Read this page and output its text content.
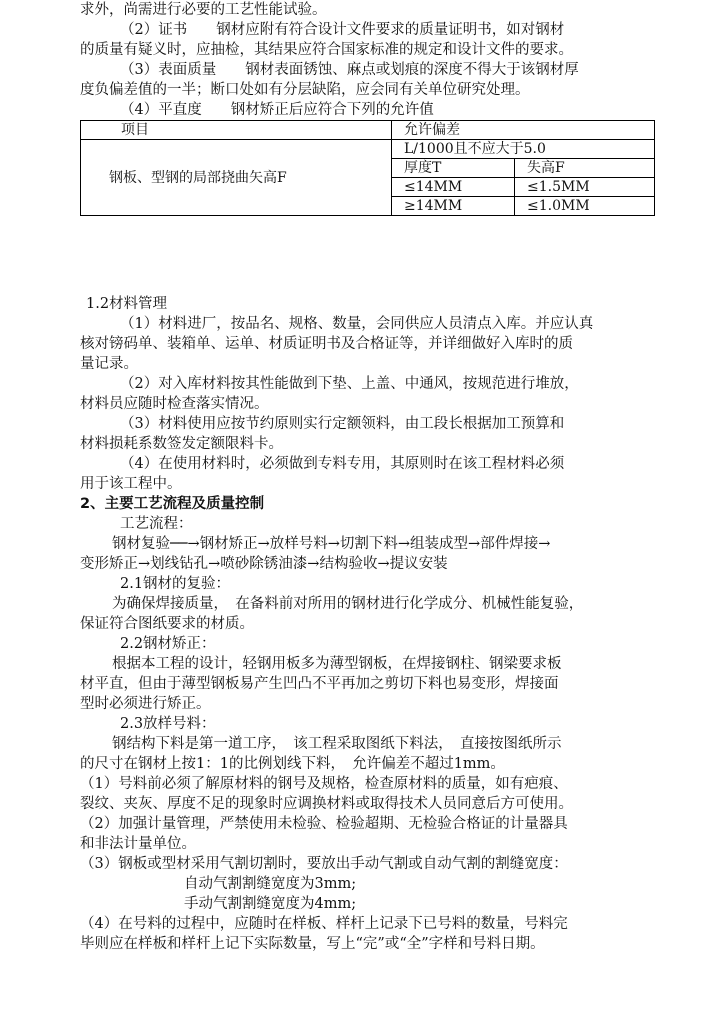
求外，尚需进行必要的工艺性能试验。
（2）证书　　钢材应附有符合设计文件要求的质量证明书，如对钢材
的质量有疑义时，应抽检，其结果应符合国家标准的规定和设计文件的要求。
（3）表面质量　　钢材表面锈蚀、麻点或划痕的深度不得大于该钢材厚
度负偏差值的一半；断口处如有分层缺陷，应会同有关单位研究处理。
（4）平直度　　钢材矫正后应符合下列的允许值
项目	允许偏差	
钢板、型钢的局部挠曲矢高F	L/1000且不应大于5.0	
	厚度T	失高F
	≤14MM	≤1.5MM
	≥14MM	≤1.0MM
1.2材料管理
（1）材料进厂，按品名、规格、数量，会同供应人员清点入库。并应认真
核对镑码单、装箱单、运单、材质证明书及合格证等，并详细做好入库时的质
量记录。
（2）对入库材料按其性能做到下垫、上盖、中通风，按规范进行堆放，
材料员应随时检查落实情况。
（3）材料使用应按节约原则实行定额领料，由工段长根据加工预算和
材料损耗系数签发定额限料卡。
（4）在使用材料时，必须做到专料专用，其原则时在该工程材料必须
用于该工程中。
2、主要工艺流程及质量控制
工艺流程：
钢材复验──→钢材矫正→放样号料→切割下料→组装成型→部件焊接→
变形矫正→划线钻孔→喷砂除锈油漆→结构验收→提议安装
2.1钢材的复验：
为确保焊接质量，　在备料前对所用的钢材进行化学成分、机械性能复验，
保证符合图纸要求的材质。
2.2钢材矫正：
根据本工程的设计，轻钢用板多为薄型钢板，在焊接钢柱、钢梁要求板
材平直，但由于薄型钢板易产生凹凸不平再加之剪切下料也易变形，焊接面
型时必须进行矫正。
2.3放样号料：
钢结构下料是第一道工序，　该工程采取图纸下料法，　直接按图纸所示
的尺寸在钢材上按1：1的比例划线下料，　允许偏差不超过1mm。
（1）号料前必须了解原材料的钢号及规格，检查原材料的质量，如有疤痕、
裂纹、夹灰、厚度不足的现象时应调换材料或取得技术人员同意后方可使用。
（2）加强计量管理，严禁使用未检验、检验超期、无检验合格证的计量器具
和非法计量单位。
（3）钢板或型材采用气割切割时，要放出手动气割或自动气割的割缝宽度：
自动气割割缝宽度为3mm;
手动气割割缝宽度为4mm;
（4）在号料的过程中，应随时在样板、样杆上记录下已号料的数量，号料完
毕则应在样板和样杆上记下实际数量，写上“完”或“全”字样和号料日期。
